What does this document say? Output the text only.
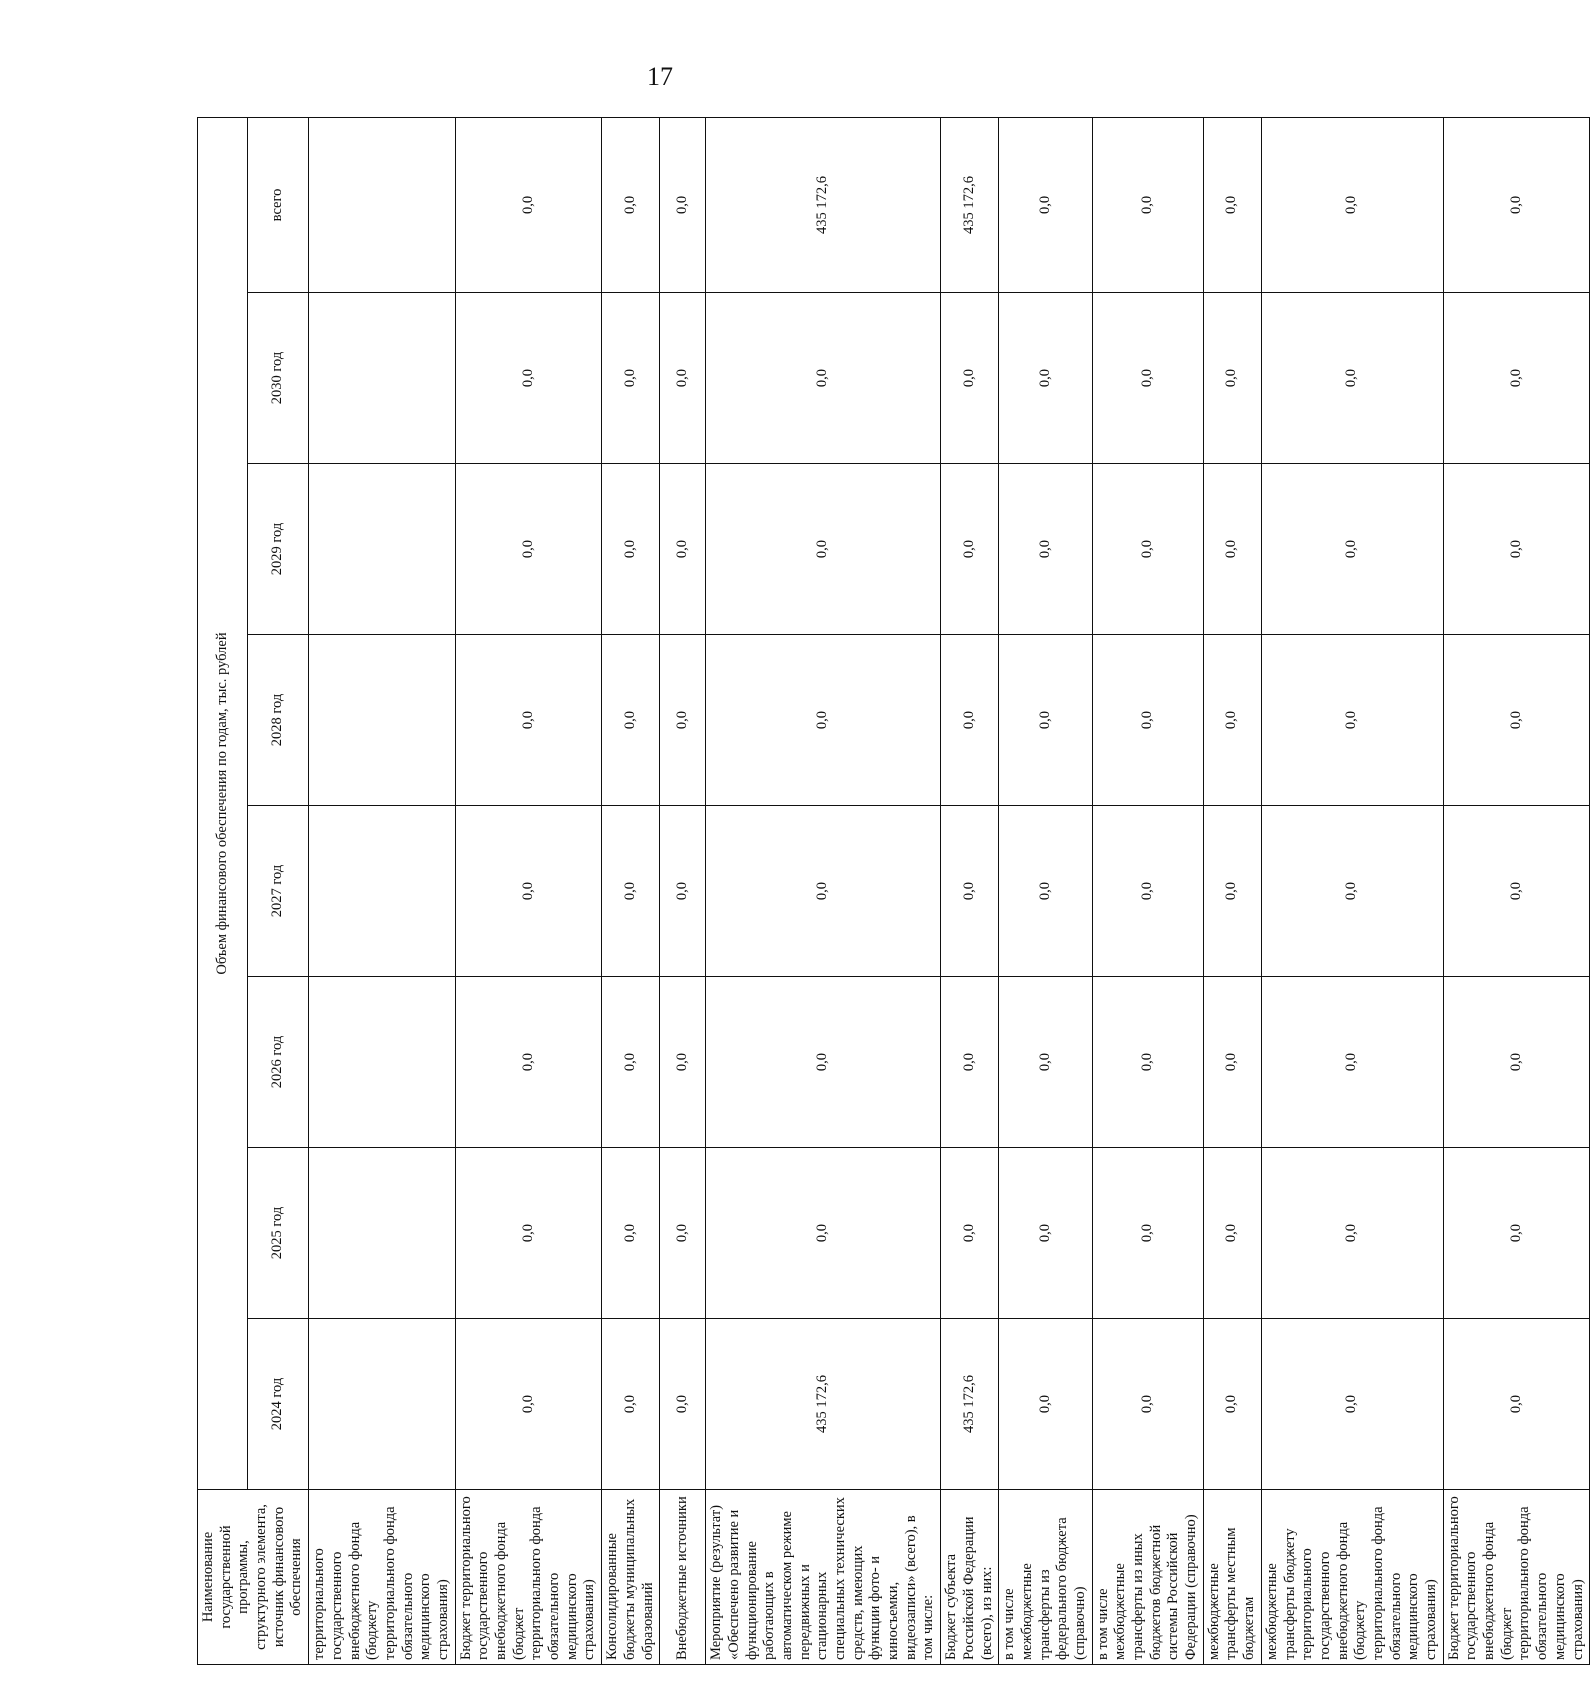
17
Наименование государственной программы, структурного элемента, источник финансового обеспечения	Объем финансового обеспечения по годам, тыс. рублей							
	2024 год	2025 год	2026 год	2027 год	2028 год	2029 год	2030 год	всего
территориального государственного внебюджетного фонда (бюджету территориального фонда обязательного медицинского страхования)								
Бюджет территориального государственного внебюджетного фонда (бюджет территориального фонда обязательного медицинского страхования)	0,0	0,0	0,0	0,0	0,0	0,0	0,0	0,0
Консолидированные бюджеты муниципальных образований	0,0	0,0	0,0	0,0	0,0	0,0	0,0	0,0
Внебюджетные источники	0,0	0,0	0,0	0,0	0,0	0,0	0,0	0,0
Мероприятие (результат) «Обеспечено развитие и функционирование работающих в автоматическом режиме передвижных и стационарных специальных технических средств, имеющих функции фото- и киносъемки, видеозаписи» (всего), в том числе:	435 172,6	0,0	0,0	0,0	0,0	0,0	0,0	435 172,6
Бюджет субъекта Российской Федерации (всего), из них:	435 172,6	0,0	0,0	0,0	0,0	0,0	0,0	435 172,6
в том числе межбюджетные трансферты из федерального бюджета (справочно)	0,0	0,0	0,0	0,0	0,0	0,0	0,0	0,0
в том числе межбюджетные трансферты из иных бюджетов бюджетной системы Российской Федерации (справочно)	0,0	0,0	0,0	0,0	0,0	0,0	0,0	0,0
межбюджетные трансферты местным бюджетам	0,0	0,0	0,0	0,0	0,0	0,0	0,0	0,0
межбюджетные трансферты бюджету территориального государственного внебюджетного фонда (бюджету территориального фонда обязательного медицинского страхования)	0,0	0,0	0,0	0,0	0,0	0,0	0,0	0,0
Бюджет территориального государственного внебюджетного фонда (бюджет территориального фонда обязательного медицинского страхования)	0,0	0,0	0,0	0,0	0,0	0,0	0,0	0,0
